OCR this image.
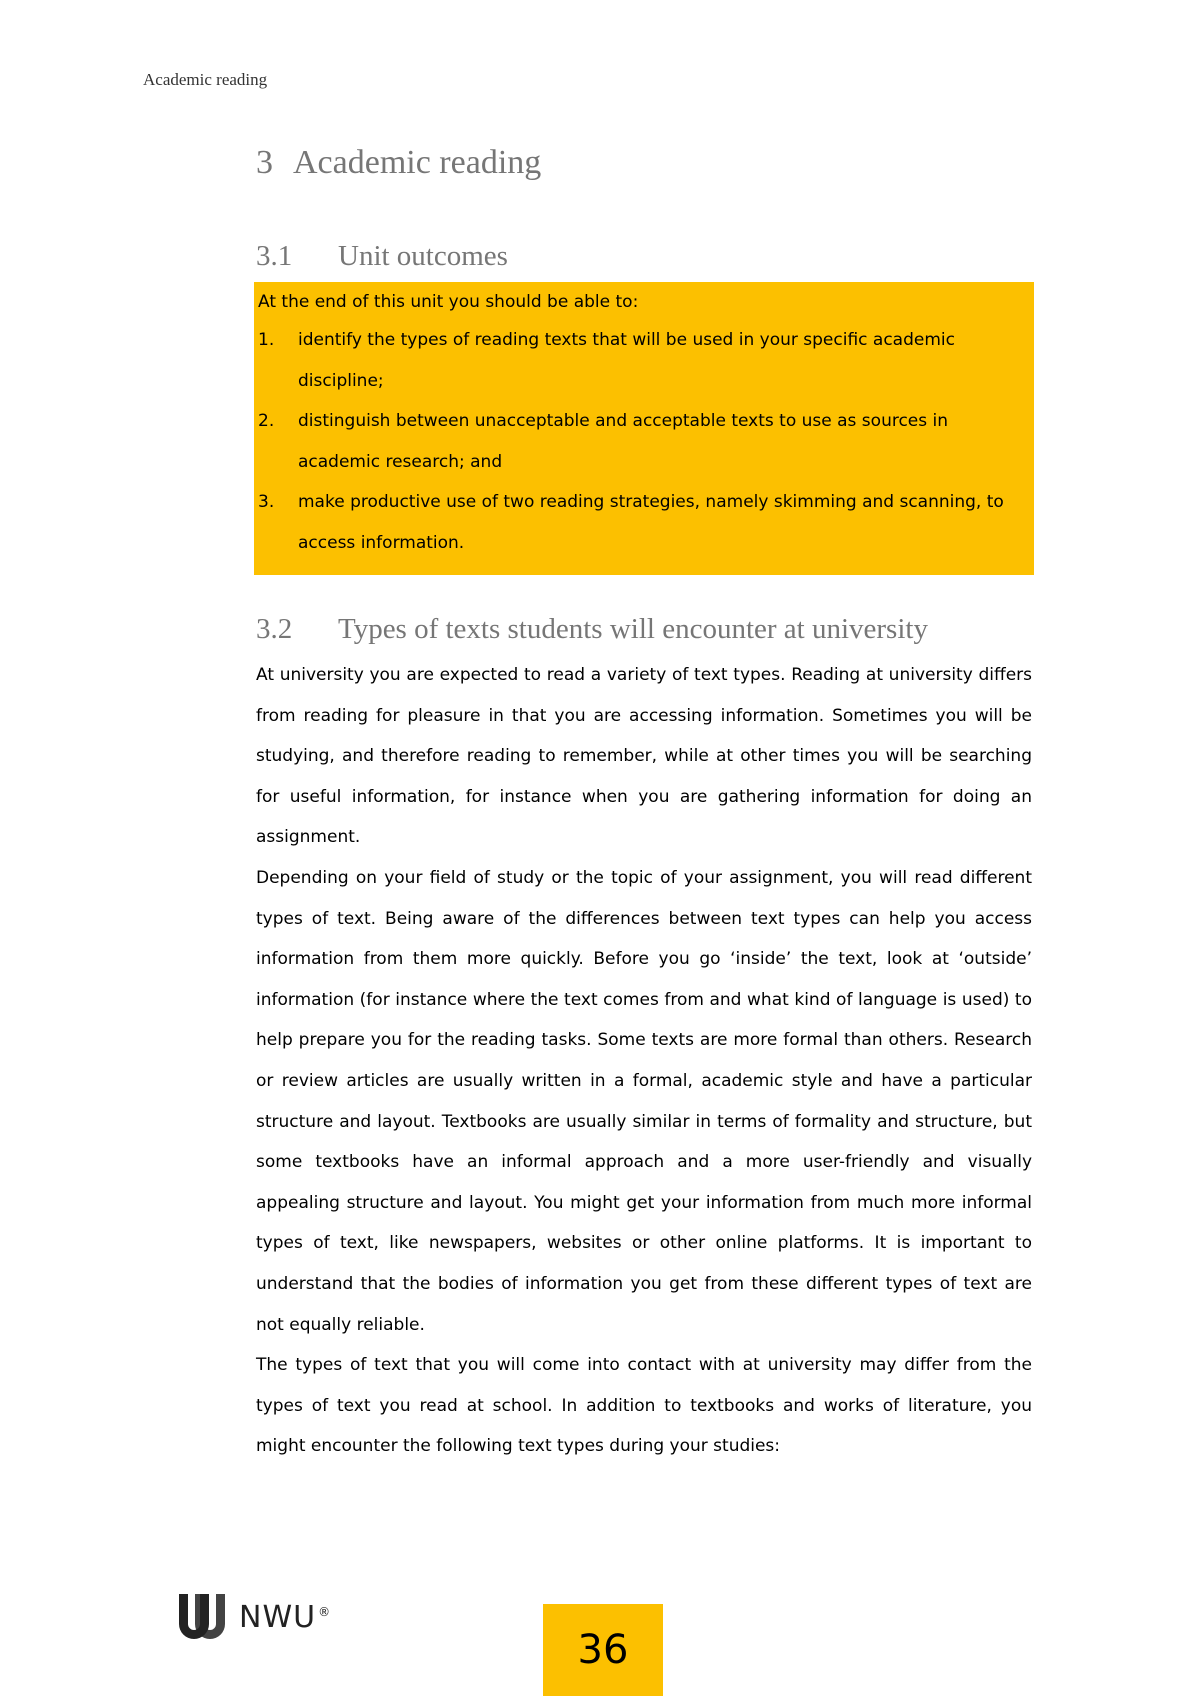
Academic reading
3 Academic reading
3.1 Unit outcomes
At the end of this unit you should be able to:
1. identify the types of reading texts that will be used in your specific academic discipline;
2. distinguish between unacceptable and acceptable texts to use as sources in academic research; and
3. make productive use of two reading strategies, namely skimming and scanning, to access information.
3.2 Types of texts students will encounter at university

At university you are expected to read a variety of text types. Reading at university differs from reading for pleasure in that you are accessing information. Sometimes you will be studying, and therefore reading to remember, while at other times you will be searching for useful information, for instance when you are gathering information for doing an assignment.

Depending on your field of study or the topic of your assignment, you will read different types of text. Being aware of the differences between text types can help you access information from them more quickly. Before you go ‘inside’ the text, look at ‘outside’ information (for instance where the text comes from and what kind of language is used) to help prepare you for the reading tasks. Some texts are more formal than others. Research or review articles are usually written in a formal, academic style and have a particular structure and layout. Textbooks are usually similar in terms of formality and structure, but some textbooks have an informal approach and a more user-friendly and visually appealing structure and layout. You might get your information from much more informal types of text, like newspapers, websites or other online platforms. It is important to understand that the bodies of information you get from these different types of text are not equally reliable.

The types of text that you will come into contact with at university may differ from the types of text you read at school. In addition to textbooks and works of literature, you might encounter the following text types during your studies:

NWU ®
36
